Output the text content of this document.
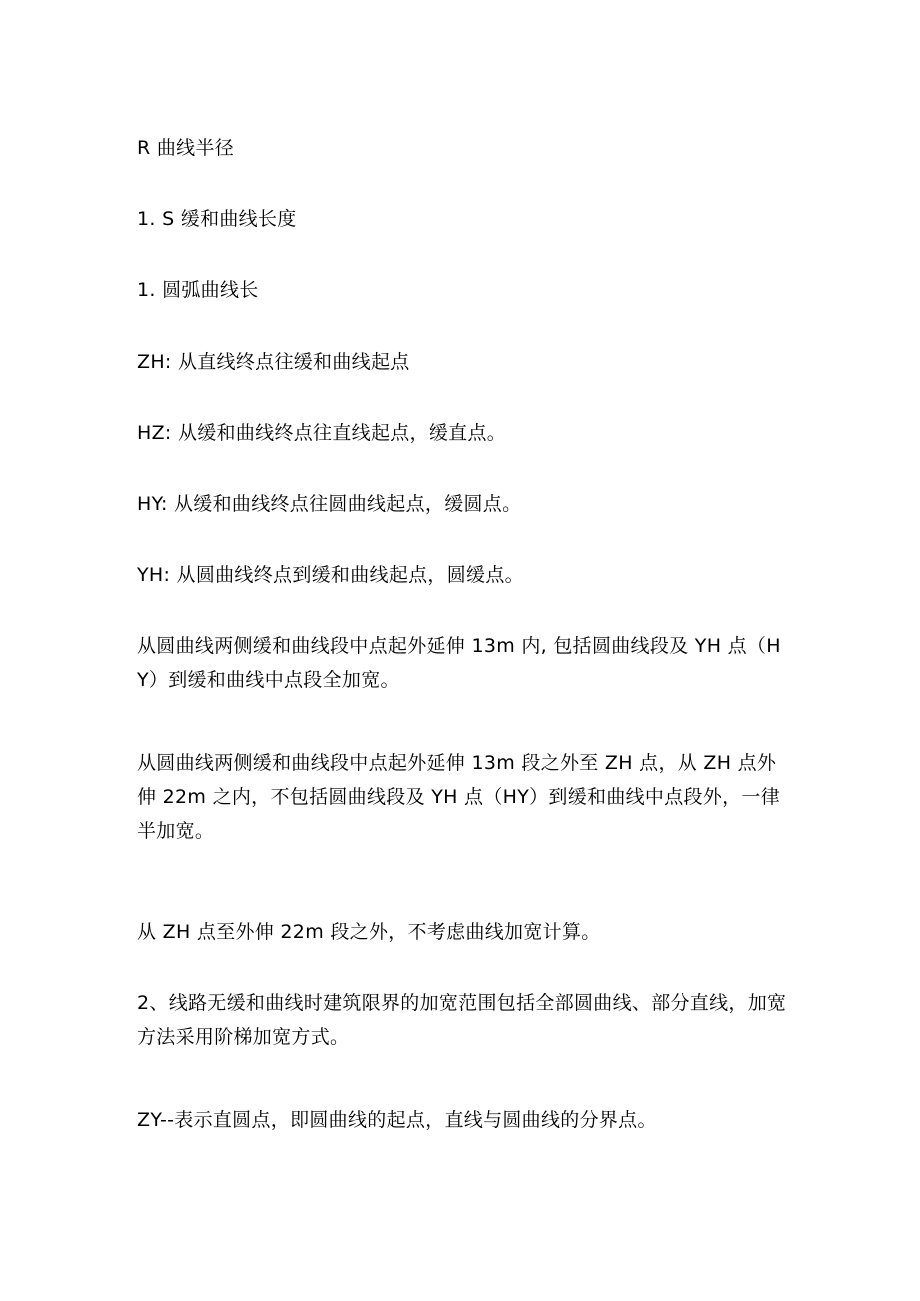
R 曲线半径

1. S 缓和曲线长度

1. 圆弧曲线长

ZH: 从直线终点往缓和曲线起点

HZ: 从缓和曲线终点往直线起点，缓直点。

HY: 从缓和曲线终点往圆曲线起点，缓圆点。

YH: 从圆曲线终点到缓和曲线起点，圆缓点。

从圆曲线两侧缓和曲线段中点起外延伸 13m 内, 包括圆曲线段及 YH 点（HY）到缓和曲线中点段全加宽。

从圆曲线两侧缓和曲线段中点起外延伸 13m 段之外至 ZH 点，从 ZH 点外伸 22m 之内，不包括圆曲线段及 YH 点（HY）到缓和曲线中点段外，一律半加宽。

从 ZH 点至外伸 22m 段之外，不考虑曲线加宽计算。

2、线路无缓和曲线时建筑限界的加宽范围包括全部圆曲线、部分直线，加宽方法采用阶梯加宽方式。

ZY--表示直圆点，即圆曲线的起点，直线与圆曲线的分界点。
